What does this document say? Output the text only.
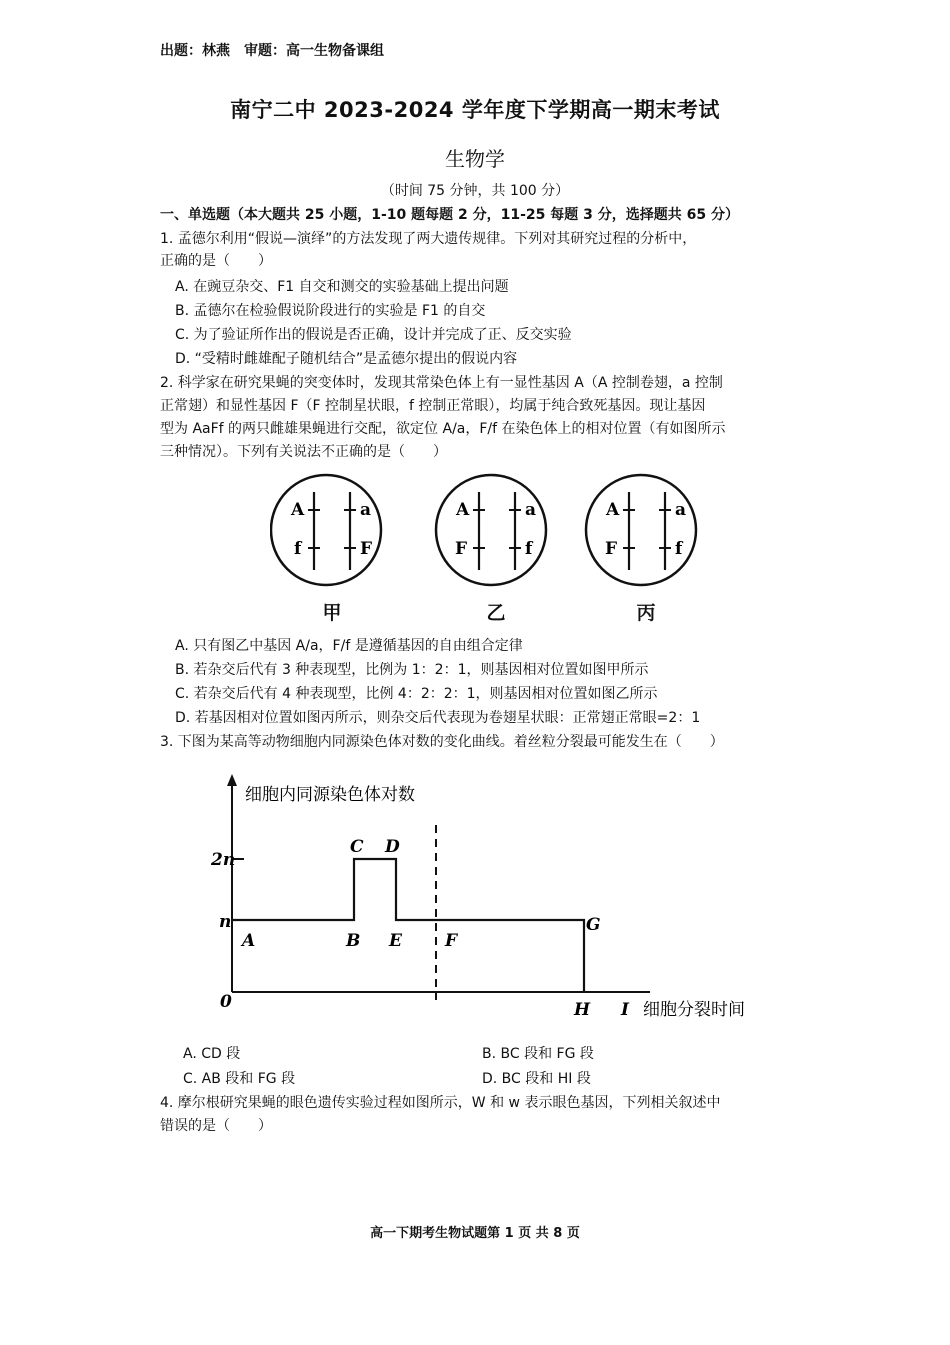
出题：林燕　审题：高一生物备课组
南宁二中 2023-2024 学年度下学期高一期末考试
生物学
（时间 75 分钟，共 100 分）
一、单选题（本大题共 25 小题，1-10 题每题 2 分，11-25 每题 3 分，选择题共 65 分）
1. 孟德尔利用“假说—演绎”的方法发现了两大遗传规律。下列对其研究过程的分析中，
正确的是（　　）
A. 在豌豆杂交、F1 自交和测交的实验基础上提出问题
B. 孟德尔在检验假说阶段进行的实验是 F1 的自交
C. 为了验证所作出的假说是否正确，设计并完成了正、反交实验
D. “受精时雌雄配子随机结合”是孟德尔提出的假说内容
2. 科学家在研究果蝇的突变体时，发现其常染色体上有一显性基因 A（A 控制卷翅，a 控制
正常翅）和显性基因 F（F 控制星状眼，f 控制正常眼），均属于纯合致死基因。现让基因
型为 AaFf 的两只雌雄果蝇进行交配，欲定位 A/a，F/f 在染色体上的相对位置（有如图所示
三种情况）。下列有关说法不正确的是（　　）
A	a
f	F
A	a
F	f
A	a
F	f
甲	乙	丙
A. 只有图乙中基因 A/a，F/f 是遵循基因的自由组合定律
B. 若杂交后代有 3 种表现型，比例为 1：2：1，则基因相对位置如图甲所示
C. 若杂交后代有 4 种表现型，比例 4：2：2：1，则基因相对位置如图乙所示
D. 若基因相对位置如图丙所示，则杂交后代表现为卷翅星状眼：正常翅正常眼=2：1
3. 下图为某高等动物细胞内同源染色体对数的变化曲线。着丝粒分裂最可能发生在（　　）
细胞内同源染色体对数
2n
n
0
A	B
C D
E	F
G
H I 细胞分裂时间
A. CD 段	B. BC 段和 FG 段
C. AB 段和 FG 段	D. BC 段和 HI 段
4. 摩尔根研究果蝇的眼色遗传实验过程如图所示，W 和 w 表示眼色基因，下列相关叙述中
错误的是（　　）
高一下期考生物试题第 1 页 共 8 页
